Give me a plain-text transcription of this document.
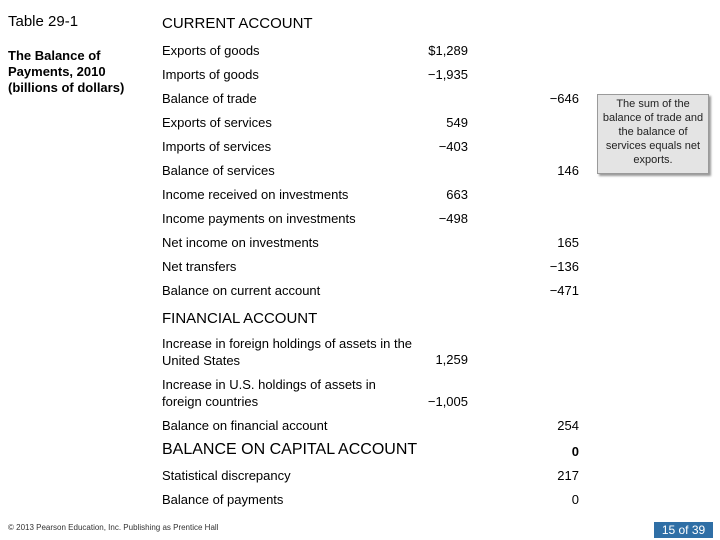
Table 29-1
The Balance of Payments, 2010 (billions of dollars)
CURRENT ACCOUNT
Exports of goods	$1,289
Imports of goods	−1,935
Balance of trade	−646
Exports of services	549
Imports of services	−403
Balance of services	146
Income received on investments	663
Income payments on investments	−498
Net income on investments	165
Net transfers	−136
Balance on current account	−471
The sum of the balance of trade and the balance of services equals net exports.
FINANCIAL ACCOUNT
Increase in foreign holdings of assets in the United States	1,259
Increase in U.S. holdings of assets in foreign countries	−1,005
Balance on financial account	254
BALANCE ON CAPITAL ACCOUNT	0
Statistical discrepancy	217
Balance of payments	0
© 2013 Pearson Education, Inc. Publishing as Prentice Hall	15 of 39
